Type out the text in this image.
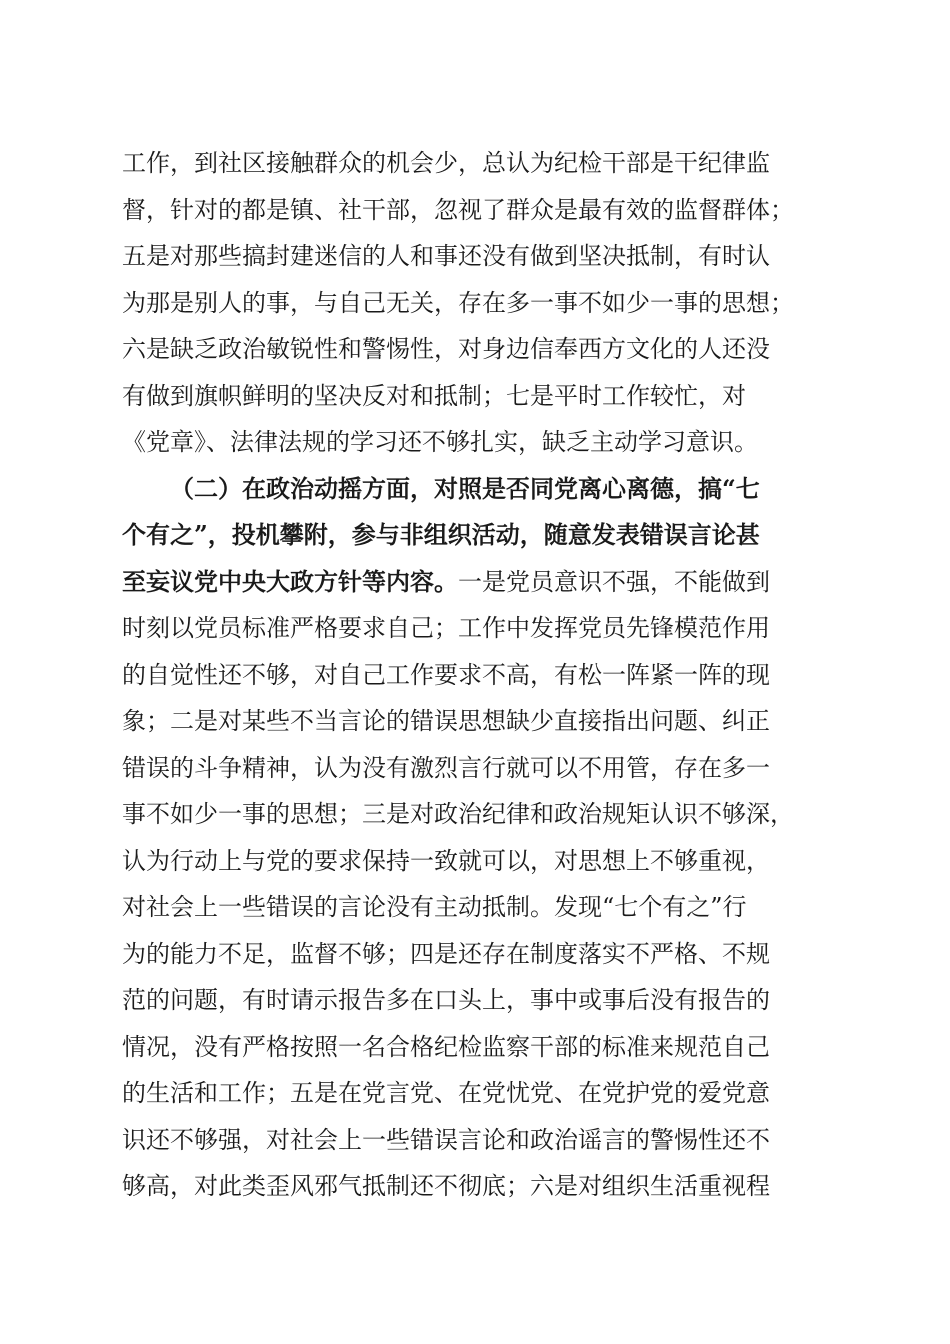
工作，到社区接触群众的机会少，总认为纪检干部是干纪律监
督，针对的都是镇、社干部，忽视了群众是最有效的监督群体；
五是对那些搞封建迷信的人和事还没有做到坚决抵制，有时认
为那是别人的事，与自己无关，存在多一事不如少一事的思想；
六是缺乏政治敏锐性和警惕性，对身边信奉西方文化的人还没
有做到旗帜鲜明的坚决反对和抵制；七是平时工作较忙，对
《党章》、法律法规的学习还不够扎实，缺乏主动学习意识。
（二）在政治动摇方面，对照是否同党离心离德，搞“七
个有之”，投机攀附，参与非组织活动，随意发表错误言论甚
至妄议党中央大政方针等内容。一是党员意识不强，不能做到
时刻以党员标准严格要求自己；工作中发挥党员先锋模范作用
的自觉性还不够，对自己工作要求不高，有松一阵紧一阵的现
象；二是对某些不当言论的错误思想缺少直接指出问题、纠正
错误的斗争精神，认为没有激烈言行就可以不用管，存在多一
事不如少一事的思想；三是对政治纪律和政治规矩认识不够深，
认为行动上与党的要求保持一致就可以，对思想上不够重视，
对社会上一些错误的言论没有主动抵制。发现“七个有之”行
为的能力不足，监督不够；四是还存在制度落实不严格、不规
范的问题，有时请示报告多在口头上，事中或事后没有报告的
情况，没有严格按照一名合格纪检监察干部的标准来规范自己
的生活和工作；五是在党言党、在党忧党、在党护党的爱党意
识还不够强，对社会上一些错误言论和政治谣言的警惕性还不
够高，对此类歪风邪气抵制还不彻底；六是对组织生活重视程
